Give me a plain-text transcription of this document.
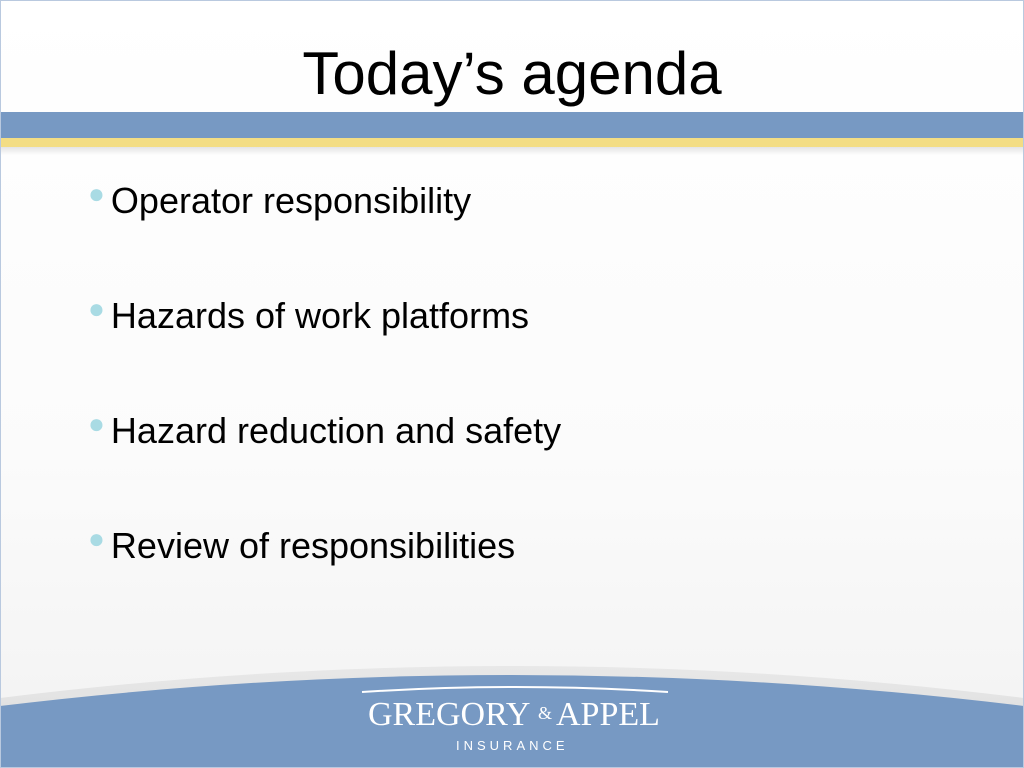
Today’s agenda
● Operator responsibility
● Hazards of work platforms
● Hazard reduction and safety
● Review of responsibilities
GREGORY & APPEL
INSURANCE
